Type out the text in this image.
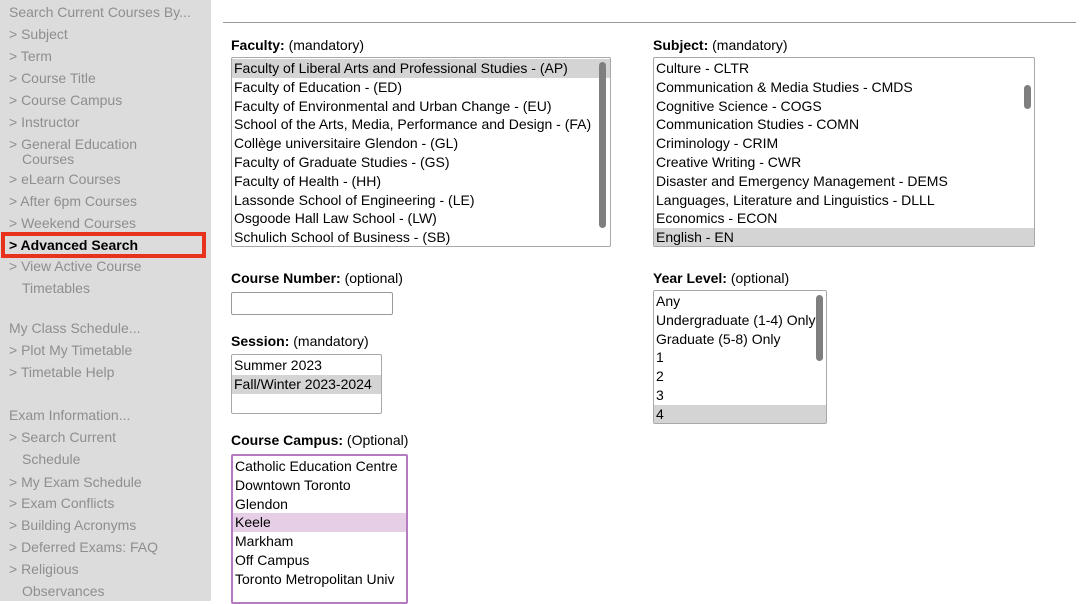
Search Current Courses By...
> Subject
> Term
> Course Title
> Course Campus
> Instructor
> General Education
Courses
> eLearn Courses
> After 6pm Courses
> Weekend Courses
> Advanced Search
> View Active Course
Timetables
My Class Schedule...
> Plot My Timetable
> Timetable Help
Exam Information...
> Search Current
Schedule
> My Exam Schedule
> Exam Conflicts
> Building Acronyms
> Deferred Exams: FAQ
> Religious
Observances
Faculty: (mandatory)
Faculty of Liberal Arts and Professional Studies - (AP)
Faculty of Education - (ED)
Faculty of Environmental and Urban Change - (EU)
School of the Arts, Media, Performance and Design - (FA)
Collège universitaire Glendon - (GL)
Faculty of Graduate Studies - (GS)
Faculty of Health - (HH)
Lassonde School of Engineering - (LE)
Osgoode Hall Law School - (LW)
Schulich School of Business - (SB)
Subject: (mandatory)
Culture - CLTR
Communication & Media Studies - CMDS
Cognitive Science - COGS
Communication Studies - COMN
Criminology - CRIM
Creative Writing - CWR
Disaster and Emergency Management - DEMS
Languages, Literature and Linguistics - DLLL
Economics - ECON
English - EN
Course Number: (optional)	Year Level: (optional)
Any
Undergraduate (1-4) Only
Graduate (5-8) Only
1
2
3
4
Session: (mandatory)
Summer 2023
Fall/Winter 2023-2024
Course Campus: (Optional)
Catholic Education Centre
Downtown Toronto
Glendon
Keele
Markham
Off Campus
Toronto Metropolitan Univ
